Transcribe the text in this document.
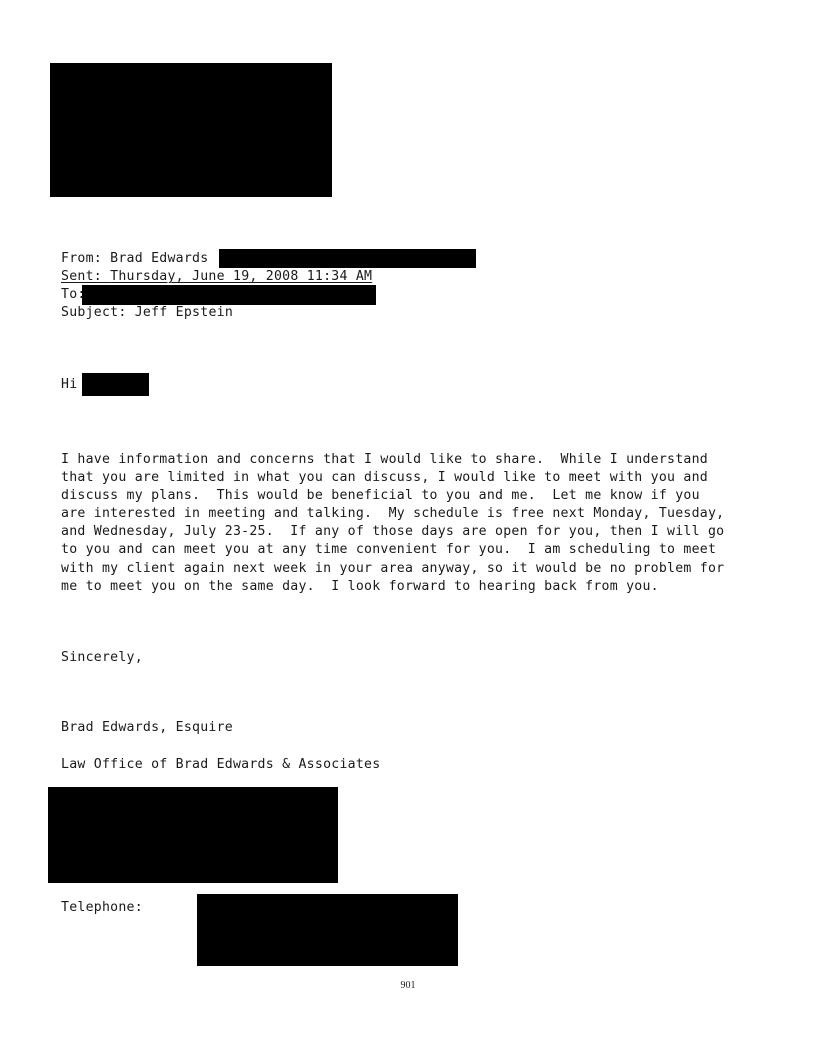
From: Brad Edwards

Sent: Thursday, June 19, 2008 11:34 AM

To:

Subject: Jeff Epstein

Hi

I have information and concerns that I would like to share.  While I understand
that you are limited in what you can discuss, I would like to meet with you and
discuss my plans.  This would be beneficial to you and me.  Let me know if you
are interested in meeting and talking.  My schedule is free next Monday, Tuesday,
and Wednesday, July 23-25.  If any of those days are open for you, then I will go
to you and can meet you at any time convenient for you.  I am scheduling to meet
with my client again next week in your area anyway, so it would be no problem for
me to meet you on the same day.  I look forward to hearing back from you.

Sincerely,

Brad Edwards, Esquire

Law Office of Brad Edwards & Associates

Telephone:

901
